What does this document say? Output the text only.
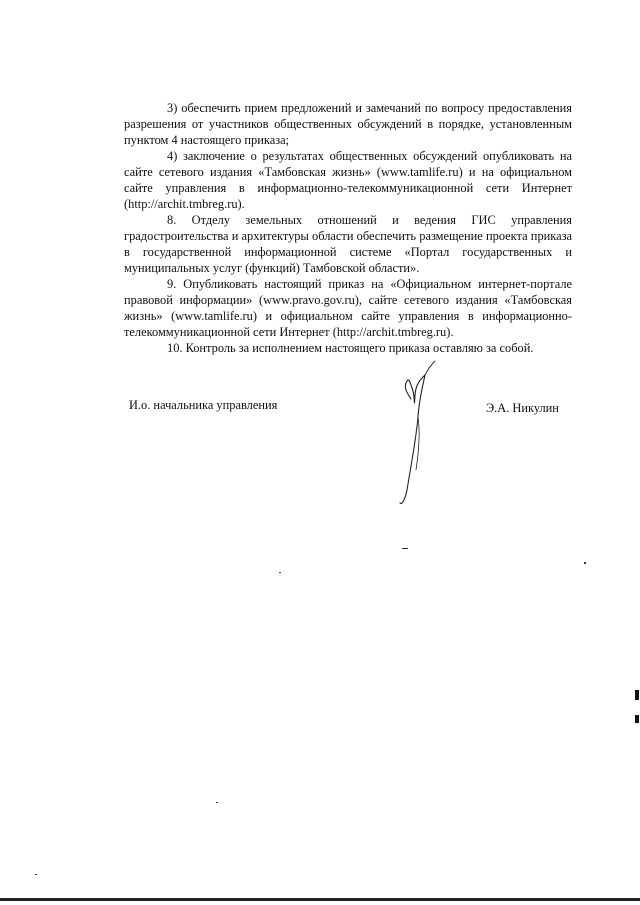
3) обеспечить прием предложений и замечаний по вопросу предоставления разрешения от участников общественных обсуждений в порядке, установленным пунктом 4 настоящего приказа;

4) заключение о результатах общественных обсуждений опубликовать на сайте сетевого издания «Тамбовская жизнь» (www.tamlife.ru) и на официальном сайте управления в информационно-телекоммуникационной сети Интернет (http://archit.tmbreg.ru).

8. Отделу земельных отношений и ведения ГИС управления градостроительства и архитектуры области обеспечить размещение проекта приказа в государственной информационной системе «Портал государственных и муниципальных услуг (функций) Тамбовской области».

9. Опубликовать настоящий приказ на «Официальном интернет-портале правовой информации» (www.pravo.gov.ru), сайте сетевого издания «Тамбовская жизнь» (www.tamlife.ru) и официальном сайте управления в информационно-телекоммуникационной сети Интернет (http://archit.tmbreg.ru).

10. Контроль за исполнением настоящего приказа оставляю за собой.

И.о. начальника управления	Э.А. Никулин
